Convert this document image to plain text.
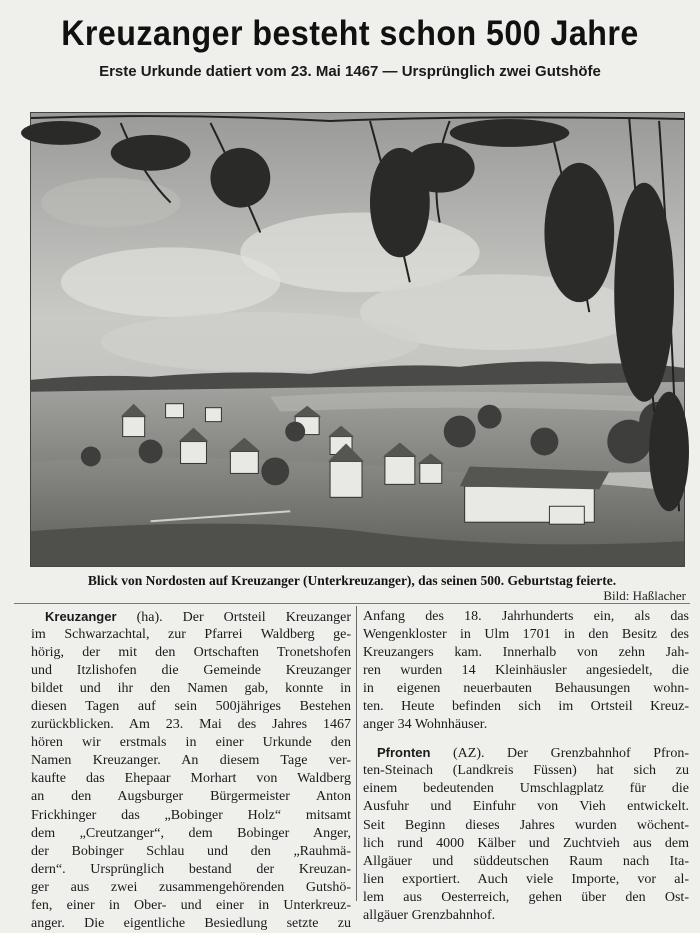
Kreuzanger besteht schon 500 Jahre
Erste Urkunde datiert vom 23. Mai 1467 — Ursprünglich zwei Gutshöfe
Blick von Nordosten auf Kreuzanger (Unterkreuzanger), das seinen 500. Geburtstag feierte.
Bild: Haßlacher
Kreuzanger (ha). Der Ortsteil Kreuzanger
im Schwarzachtal, zur Pfarrei Waldberg ge-
hörig, der mit den Ortschaften Tronetshofen
und Itzlishofen die Gemeinde Kreuzanger
bildet und ihr den Namen gab, konnte in
diesen Tagen auf sein 500jähriges Bestehen
zurückblicken. Am 23. Mai des Jahres 1467
hören wir erstmals in einer Urkunde den
Namen Kreuzanger. An diesem Tage ver-
kaufte das Ehepaar Morhart von Waldberg
an den Augsburger Bürgermeister Anton
Frickhinger das „Bobinger Holz“ mitsamt
dem „Creutzanger“, dem Bobinger Anger,
der Bobinger Schlau und den „Rauhmä-
dern“. Ursprünglich bestand der Kreuzan-
ger aus zwei zusammengehörenden Gutshö-
fen, einer in Ober- und einer in Unterkreuz-
anger. Die eigentliche Besiedlung setzte zu
Anfang des 18. Jahrhunderts ein, als das
Wengenkloster in Ulm 1701 in den Besitz des
Kreuzangers kam. Innerhalb von zehn Jah-
ren wurden 14 Kleinhäusler angesiedelt, die
in eigenen neuerbauten Behausungen wohn-
ten. Heute befinden sich im Ortsteil Kreuz-
anger 34 Wohnhäuser.
Pfronten (AZ). Der Grenzbahnhof Pfron-
ten-Steinach (Landkreis Füssen) hat sich zu
einem bedeutenden Umschlagplatz für die
Ausfuhr und Einfuhr von Vieh entwickelt.
Seit Beginn dieses Jahres wurden wöchent-
lich rund 4000 Kälber und Zuchtvieh aus dem
Allgäuer und süddeutschen Raum nach Ita-
lien exportiert. Auch viele Importe, vor al-
lem aus Oesterreich, gehen über den Ost-
allgäuer Grenzbahnhof.
